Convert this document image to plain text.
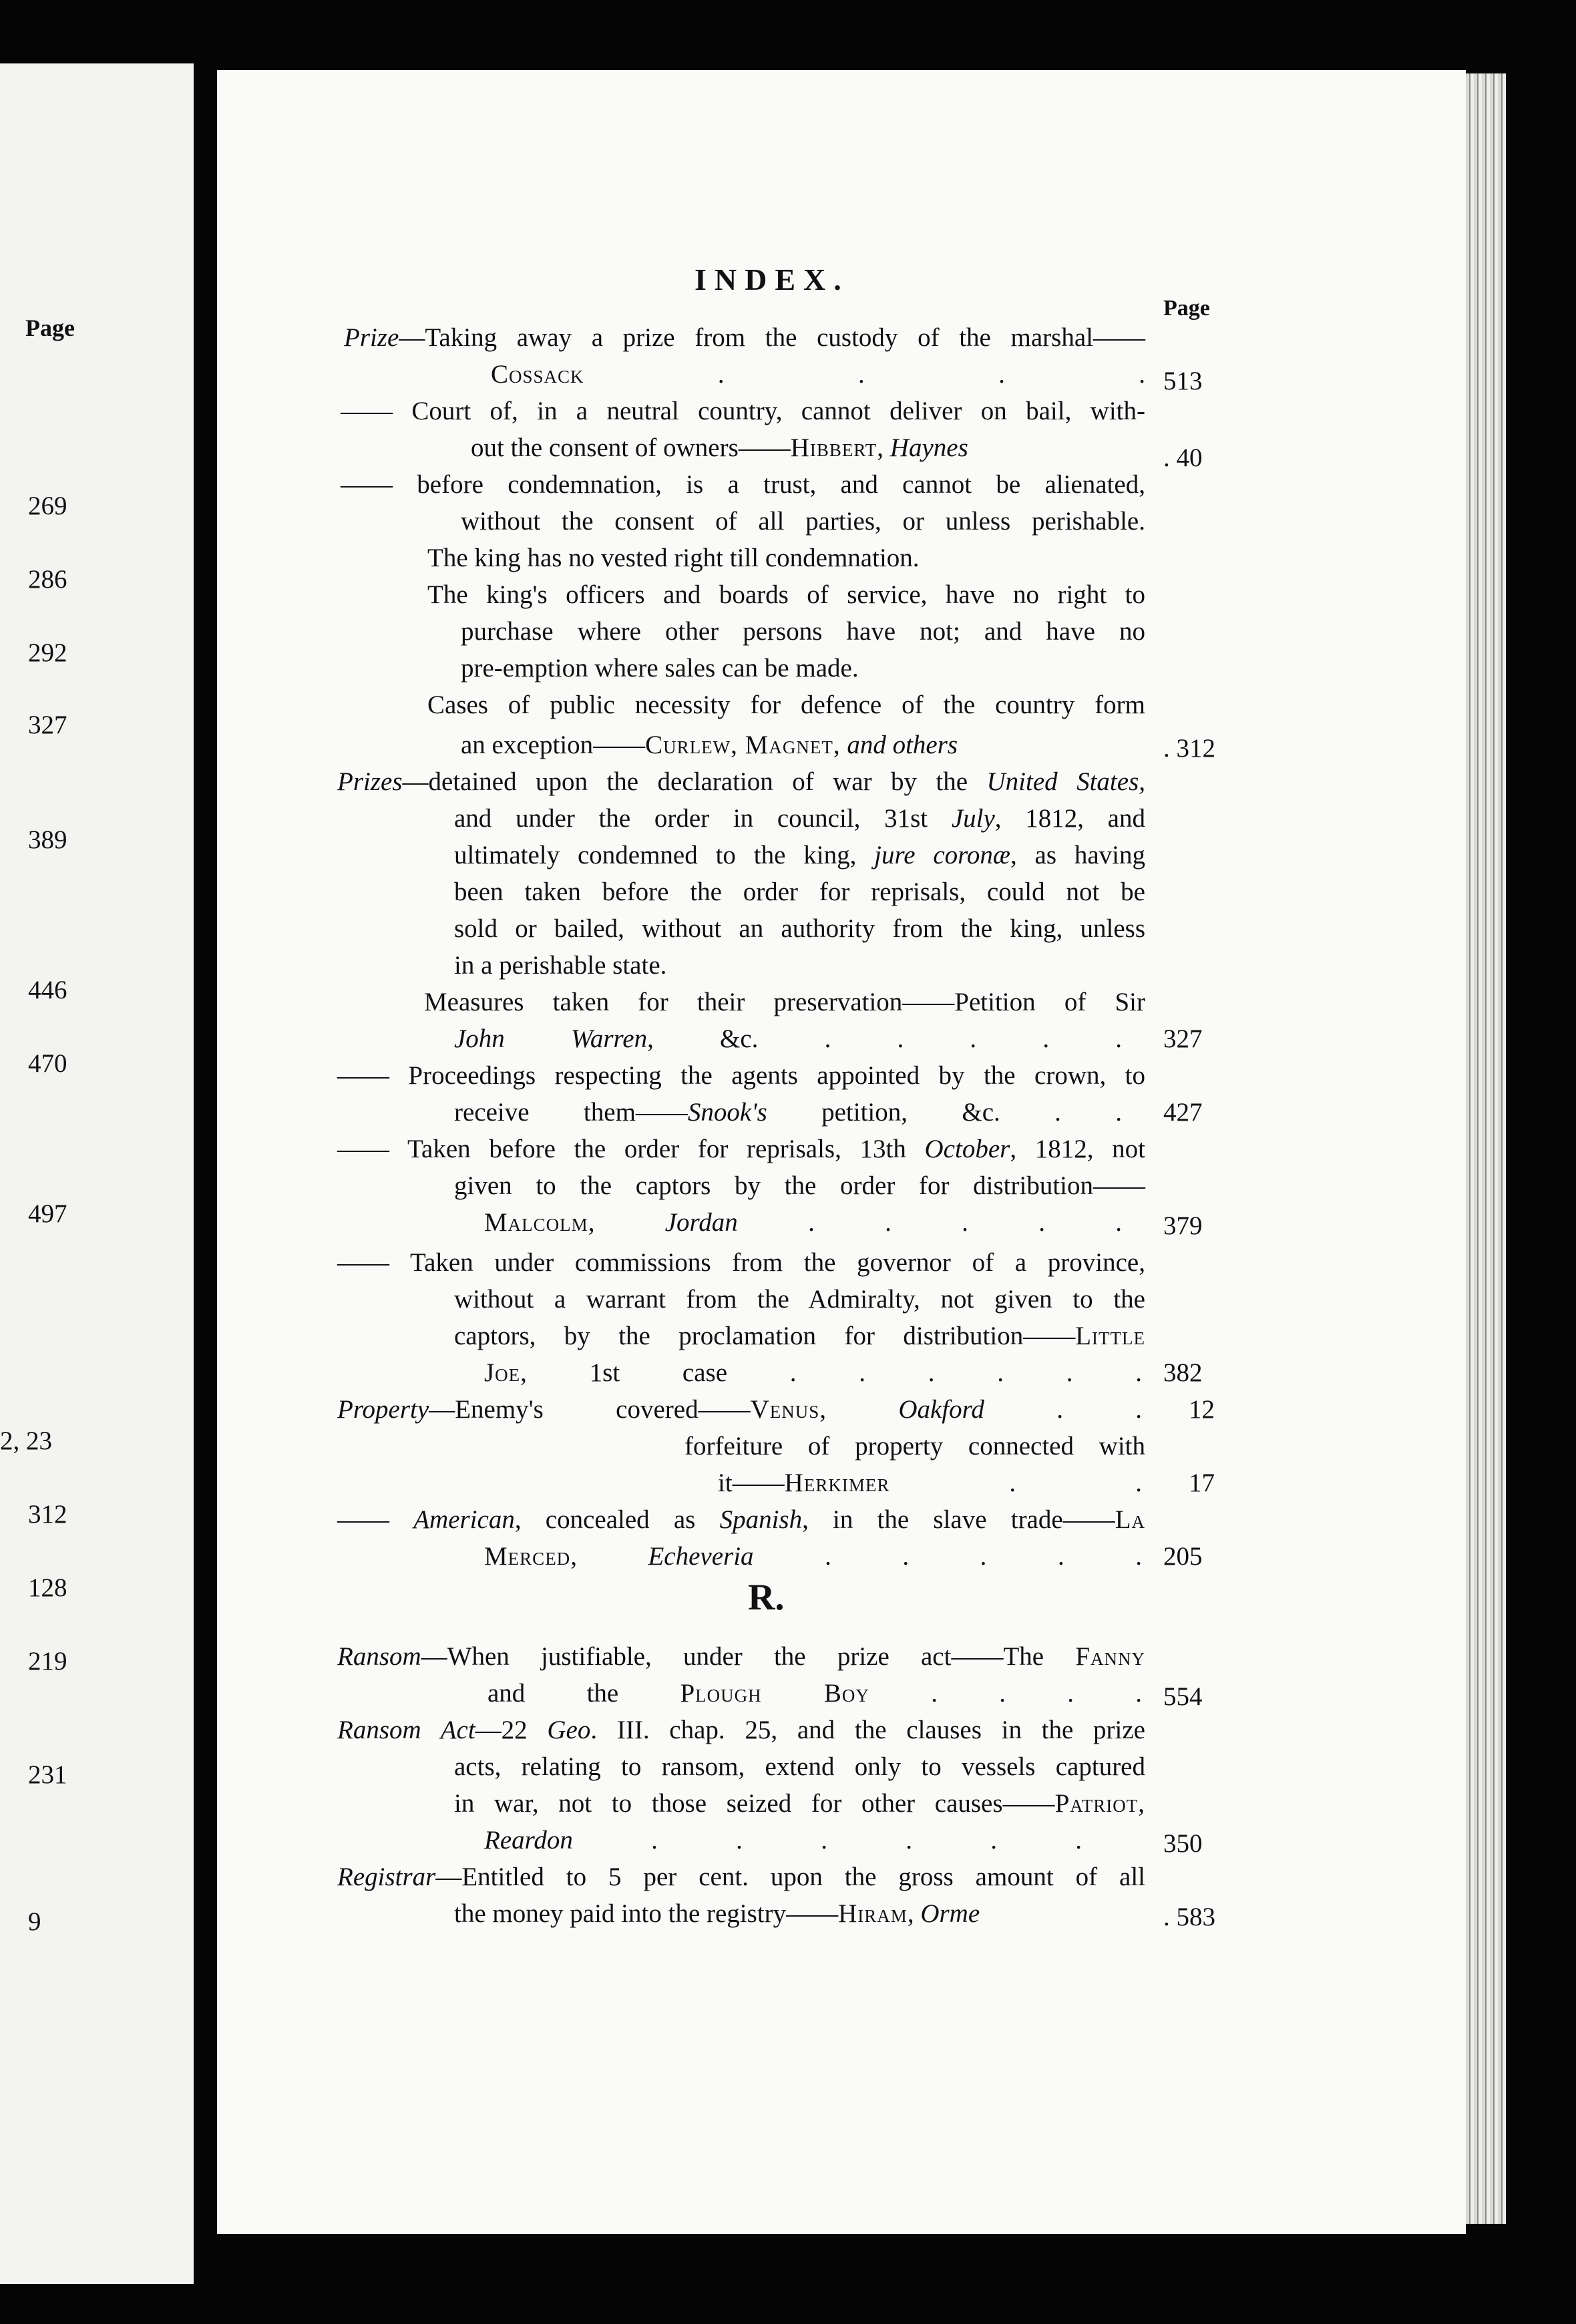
Page
269
286
292
327
389
446
470
497
2, 23
312
128
219
231
9
INDEX.
Page
Prize—Taking away a prize from the custody of the marshal——
Cossack . . . .
—— Court of, in a neutral country, cannot deliver on bail, with-
out the consent of owners——Hibbert, Haynes
—— before condemnation, is a trust, and cannot be alienated,
without the consent of all parties, or unless perishable.
The king has no vested right till condemnation.
The king's officers and boards of service, have no right to
purchase where other persons have not; and have no
pre-emption where sales can be made.
Cases of public necessity for defence of the country form
an exception——Curlew, Magnet, and others
Prizes—detained upon the declaration of war by the United States,
and under the order in council, 31st July, 1812, and
ultimately condemned to the king, jure coronæ, as having
been taken before the order for reprisals, could not be
sold or bailed, without an authority from the king, unless
in a perishable state.
Measures taken for their preservation——Petition of Sir
John Warren, &c. . . . . .
—— Proceedings respecting the agents appointed by the crown, to
receive them——Snook's petition, &c. . .
—— Taken before the order for reprisals, 13th October, 1812, not
given to the captors by the order for distribution——
Malcolm, Jordan . . . . .
—— Taken under commissions from the governor of a province,
without a warrant from the Admiralty, not given to the
captors, by the proclamation for distribution——Little
Joe, 1st case . . . . . .
Property—Enemy's covered——Venus, Oakford . .
forfeiture of property connected with
it——Herkimer . .
—— American, concealed as Spanish, in the slave trade——La
Merced, Echeveria . . . . .
R.
Ransom—When justifiable, under the prize act——The Fanny
and the Plough Boy . . . .
Ransom Act—22 Geo. III. chap. 25, and the clauses in the prize
acts, relating to ransom, extend only to vessels captured
in war, not to those seized for other causes——Patriot,
Reardon . . . . . .
Registrar—Entitled to 5 per cent. upon the gross amount of all
the money paid into the registry——Hiram, Orme
513
. 40
. 312
327
427
379
382
12
17
205
554
350
. 583
